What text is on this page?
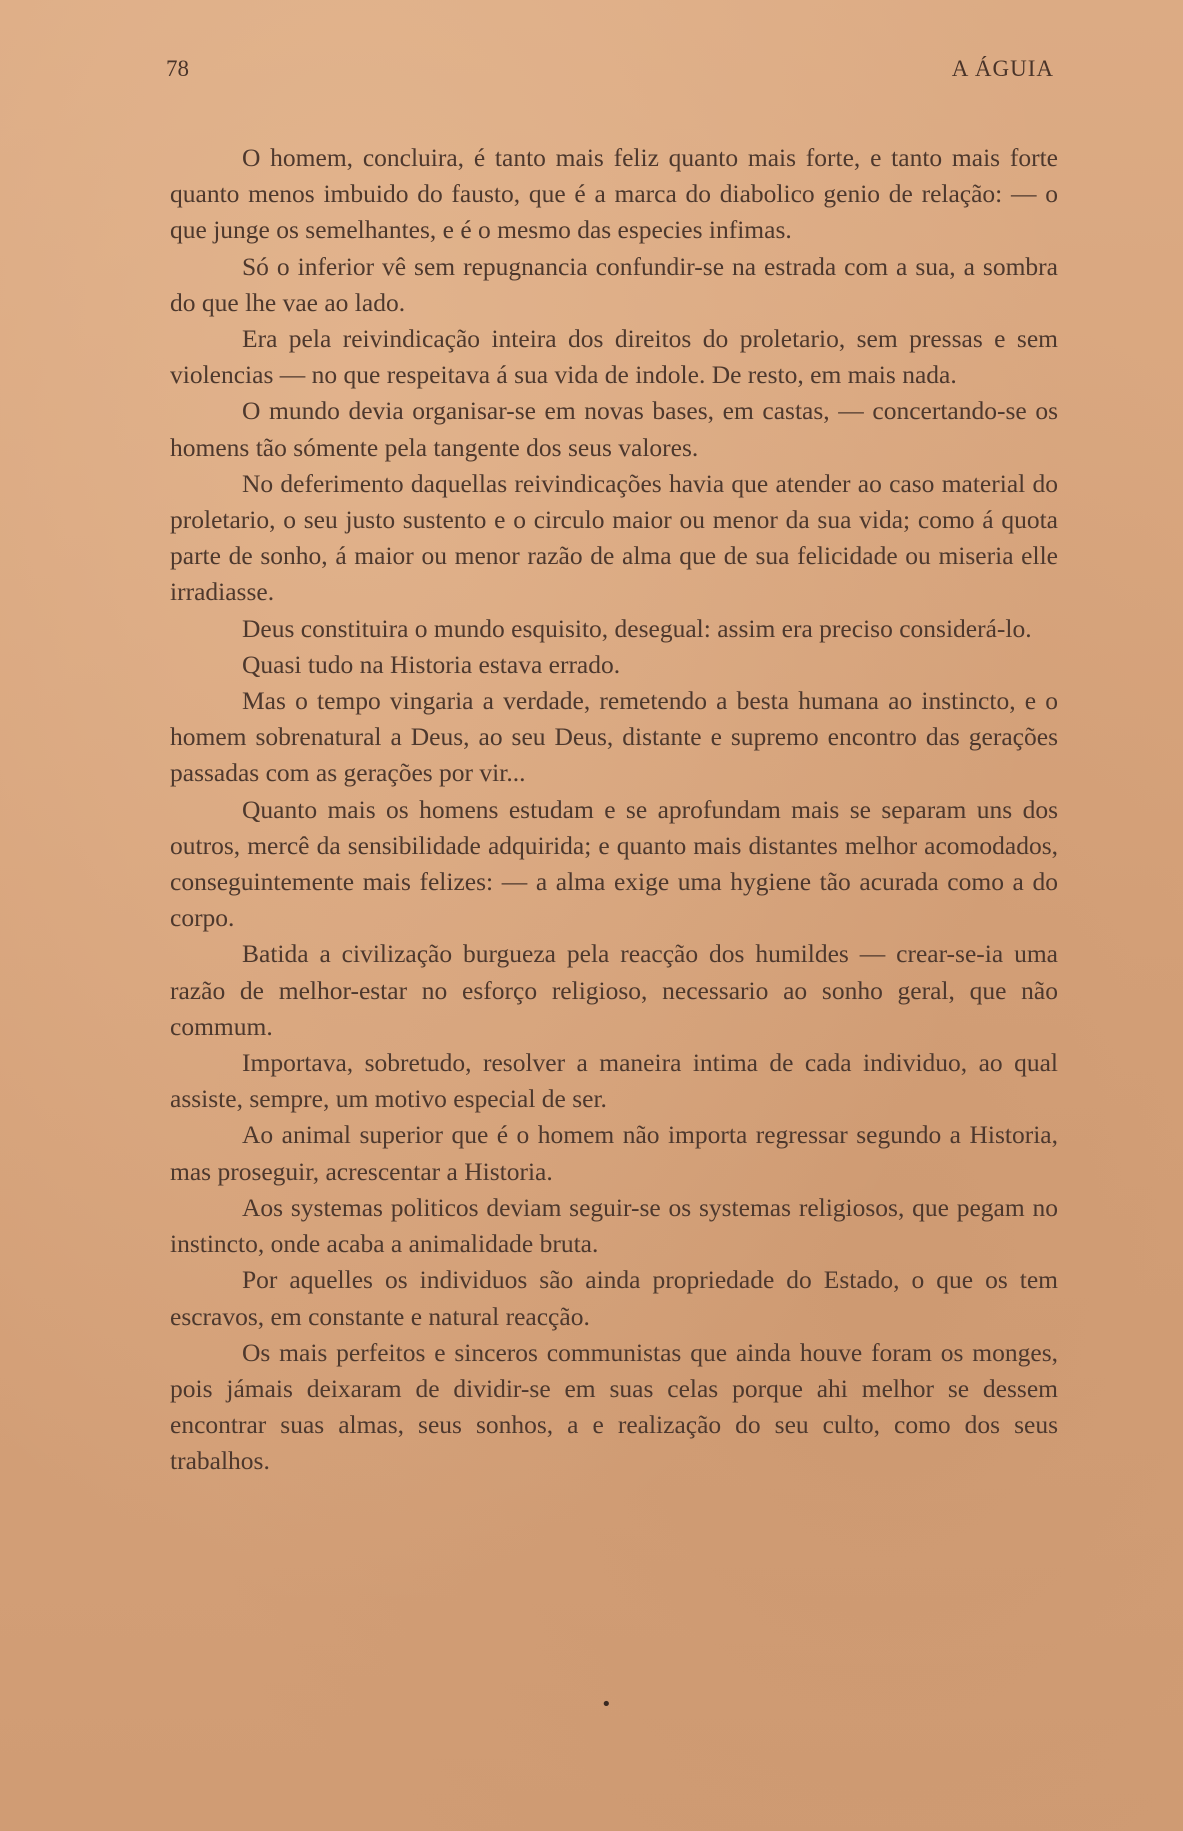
78	A ÁGUIA

O homem, concluira, é tanto mais feliz quanto mais forte, e tanto mais forte quanto menos imbuido do fausto, que é a marca do diabolico genio de relação: — o que junge os semelhantes, e é o mesmo das especies infimas.

Só o inferior vê sem repugnancia confundir-se na estrada com a sua, a sombra do que lhe vae ao lado.

Era pela reivindicação inteira dos direitos do proletario, sem pressas e sem violencias — no que respeitava á sua vida de indole. De resto, em mais nada.

O mundo devia organisar-se em novas bases, em castas, — concertando-se os homens tão sómente pela tangente dos seus valores.

No deferimento daquellas reivindicações havia que atender ao caso material do proletario, o seu justo sustento e o circulo maior ou menor da sua vida; como á quota parte de sonho, á maior ou menor razão de alma que de sua felicidade ou miseria elle irradiasse.

Deus constituira o mundo esquisito, desegual: assim era preciso considerá-lo.

Quasi tudo na Historia estava errado.

Mas o tempo vingaria a verdade, remetendo a besta humana ao instincto, e o homem sobrenatural a Deus, ao seu Deus, distante e supremo encontro das gerações passadas com as gerações por vir...

Quanto mais os homens estudam e se aprofundam mais se separam uns dos outros, mercê da sensibilidade adquirida; e quanto mais distantes melhor acomodados, conseguintemente mais felizes: — a alma exige uma hygiene tão acurada como a do corpo.

Batida a civilização burgueza pela reacção dos humildes — crear-se-ia uma razão de melhor-estar no esforço religioso, necessario ao sonho geral, que não commum.

Importava, sobretudo, resolver a maneira intima de cada individuo, ao qual assiste, sempre, um motivo especial de ser.

Ao animal superior que é o homem não importa regressar segundo a Historia, mas proseguir, acrescentar a Historia.

Aos systemas politicos deviam seguir-se os systemas religiosos, que pegam no instincto, onde acaba a animalidade bruta.

Por aquelles os individuos são ainda propriedade do Estado, o que os tem escravos, em constante e natural reacção.

Os mais perfeitos e sinceros communistas que ainda houve foram os monges, pois jámais deixaram de dividir-se em suas celas porque ahi melhor se dessem encontrar suas almas, seus sonhos, a e realização do seu culto, como dos seus trabalhos.

•
